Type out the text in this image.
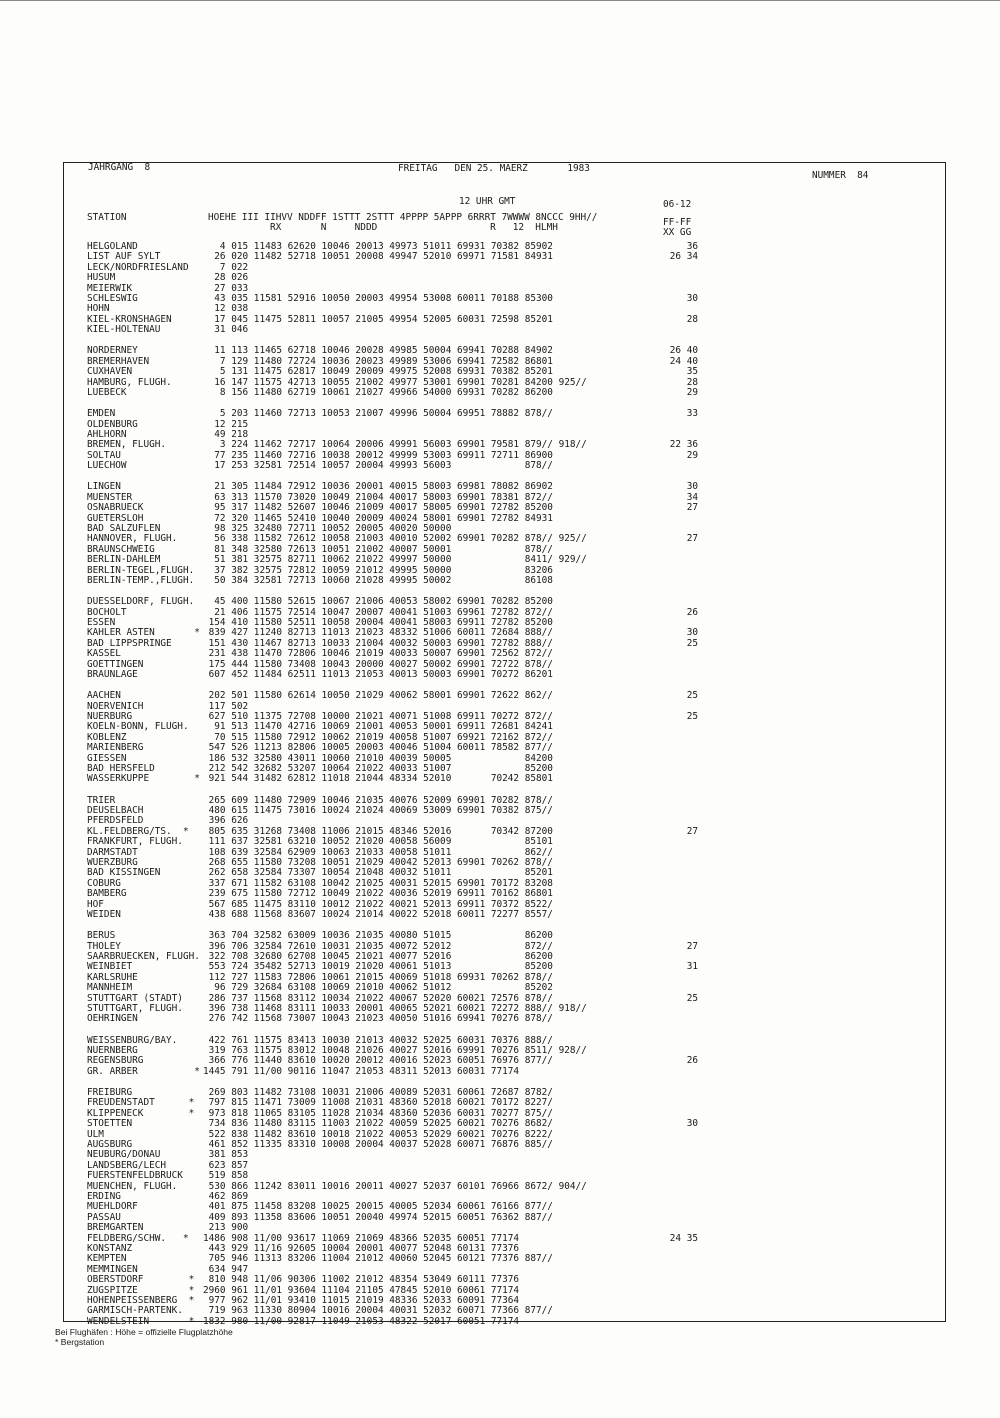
JAHRGANG  8	FREITAG   DEN 25. MAERZ       1983
NUMMER  84
12 UHR GMT	06-12
STATION	HOEHE III IIHVV NDDFF 1STTT 2STTT 4PPPP 5APPP 6RRRT 7WWWW 8NCCC 9HH//
RX       N     NDDD                    R   12  HLMH	FF-FF
XX GG
HELGOLAND	4 015 11483 62620 10046 20013 49973 51011 69931 70382 85902	36
LIST AUF SYLT	26 020 11482 52718 10051 20008 49947 52010 69971 71581 84931	26 34
LECK/NORDFRIESLAND 7 022
HUSUM	28 026
MEIERWIK	27 033
SCHLESWIG	43 035 11581 52916 10050 20003 49954 53008 60011 70188 85300	30
HOHN	12 038
KIEL-KRONSHAGEN	17 045 11475 52811 10057 21005 49954 52005 60031 72598 85201	28
KIEL-HOLTENAU	31 046
NORDERNEY	11 113 11465 62718 10046 20028 49985 50004 69941 70288 84902	26 40
BREMERHAVEN	7 129 11480 72724 10036 20023 49989 53006 69941 72582 86801	24 40
CUXHAVEN	5 131 11475 62817 10049 20009 49975 52008 69931 70382 85201	35
HAMBURG, FLUGH.	16 147 11575 42713 10055 21002 49977 53001 69901 70281 84200 925//	28
LUEBECK	8 156 11480 62719 10061 21027 49966 54000 69931 70282 86200	29
EMDEN	5 203 11460 72713 10053 21007 49996 50004 69951 78882 878//	33
OLDENBURG	12 215
AHLHORN	49 218
BREMEN, FLUGH.	3 224 11462 72717 10064 20006 49991 56003 69901 79581 879// 918//	22 36
SOLTAU	77 235 11460 72716 10038 20012 49999 53003 69911 72711 86900	29
LUECHOW	17 253 32581 72514 10057 20004 49993 56003             878//
LINGEN	21 305 11484 72912 10036 20001 40015 58003 69981 78082 86902	30
MUENSTER	63 313 11570 73020 10049 21004 40017 58003 69901 78381 872//	34
OSNABRUECK	95 317 11482 52607 10046 21009 40017 58005 69901 72782 85200	27
GUETERSLOH	72 320 11465 52410 10040 20009 40024 58001 69901 72782 84931
BAD SALZUFLEN	98 325 32480 72711 10052 20005 40020 50000
HANNOVER, FLUGH.	56 338 11582 72612 10058 21003 40010 52002 69901 70282 878// 925//	27
BRAUNSCHWEIG	81 348 32580 72613 10051 21002 40007 50001             878//
BERLIN-DAHLEM	51 381 32575 82711 10062 21022 49997 50000             8411/ 929//
BERLIN-TEGEL,FLUGH. 37 382 32575 72812 10059 21012 49995 50000             83206
BERLIN-TEMP.,FLUGH. 50 384 32581 72713 10060 21028 49995 50002             86108
DUESSELDORF, FLUGH. 45 400 11580 52615 10067 21006 40053 58002 69901 70282 85200
BOCHOLT	21 406 11575 72514 10047 20007 40041 51003 69961 72782 872//	26
ESSEN	154 410 11580 52511 10058 20004 40041 58003 69911 72782 85200
KAHLER ASTEN       * 839 427 11240 82713 11013 21023 48332 51006 60011 72684 888//	30
BAD LIPPSPRINGE	151 430 11467 82713 10033 21004 40032 50003 69901 72782 888//	25
KASSEL	231 438 11470 72806 10046 21019 40033 50007 69901 72562 872//
GOETTINGEN	175 444 11580 73408 10043 20000 40027 50002 69901 72722 878//
BRAUNLAGE	607 452 11484 62511 11013 21053 40013 50003 69901 70272 86201
AACHEN	202 501 11580 62614 10050 21029 40062 58001 69901 72622 862//	25
NOERVENICH	117 502
NUERBURG	627 510 11375 72708 10000 21021 40071 51008 69911 70272 872//	25
KOELN-BONN, FLUGH. 91 513 11470 42716 10069 21001 40053 50001 69911 72681 84241
KOBLENZ	70 515 11580 72912 10062 21019 40058 51007 69921 72162 872//
MARIENBERG	547 526 11213 82806 10005 20003 40046 51004 60011 78582 877//
GIESSEN	186 532 32580 43011 10060 21010 40039 50005             84200
BAD HERSFELD	212 542 32682 53207 10064 21022 40033 51007             85200
WASSERKUPPE        * 921 544 31482 62812 11018 21044 48334 52010       70242 85801
TRIER	265 609 11480 72909 10046 21035 40076 52009 69901 70282 878//
DEUSELBACH	480 615 11475 73016 10024 21024 40069 53009 69901 70382 875//
PFERDSFELD	396 626
KL.FELDBERG/TS.  * 805 635 31268 73408 11006 21015 48346 52016       70342 87200	27
FRANKFURT, FLUGH. 111 637 32581 63210 10052 21020 40058 56009             85101
DARMSTADT	108 639 32584 62909 10063 21033 40058 51011             862//
WUERZBURG	268 655 11580 73208 10051 21029 40042 52013 69901 70262 878//
BAD KISSINGEN	262 658 32584 73307 10054 21048 40032 51011             85201
COBURG	337 671 11582 63108 10042 21025 40031 52015 69901 70172 83208
BAMBERG	239 675 11580 72712 10049 21022 40036 52019 69911 70162 86801
HOF	567 685 11475 83110 10012 21022 40021 52013 69911 70372 8522/
WEIDEN	438 688 11568 83607 10024 21014 40022 52018 60011 72277 8557/
BERUS	363 704 32582 63009 10036 21035 40080 51015             86200
THOLEY	396 706 32584 72610 10031 21035 40072 52012             872//	27
SAARBRUECKEN, FLUGH. 322 708 32680 62708 10045 21021 40077 52016             86200
WEINBIET	553 724 35482 52713 10019 21020 40061 51013             85200	31
KARLSRUHE	112 727 11583 72806 10061 21015 40069 51018 69931 70262 878//
MANNHEIM	96 729 32684 63108 10069 21010 40062 51012             85202
STUTTGART (STADT) 286 737 11568 83112 10034 21022 40067 52020 60021 72576 878//	25
STUTTGART, FLUGH. 396 738 11468 83111 10033 20001 40065 52021 60021 72272 888// 918//
OEHRINGEN	276 742 11568 73007 10043 21023 40050 51016 69941 70276 878//
WEISSENBURG/BAY.	422 761 11575 83413 10030 21013 40032 52025 60031 70376 888//
NUERNBERG	319 763 11575 83012 10048 21026 40027 52016 69991 70276 8511/ 928//
REGENSBURG	366 776 11440 83610 10020 20012 40016 52023 60051 76976 877//	26
GR. ARBER          * 1445 791 11/00 90116 11047 21053 48311 52013 60031 77174
FREIBURG	269 803 11482 73108 10031 21006 40089 52031 60061 72687 8782/
FREUDENSTADT      * 797 815 11471 73009 11008 21031 48360 52018 60021 70172 8227/
KLIPPENECK        * 973 818 11065 83105 11028 21034 48360 52036 60031 70277 875//
STOETTEN	734 836 11480 83115 11003 21022 40059 52025 60021 70276 8682/	30
ULM	522 838 11482 83610 10018 21022 40053 52029 60021 70276 8222/
AUGSBURG	461 852 11335 83310 10008 20004 40037 52028 60071 76876 885//
NEUBURG/DONAU	381 853
LANDSBERG/LECH	623 857
FUERSTENFELDBRUCK 519 858
MUENCHEN, FLUGH.	530 866 11242 83011 10016 20011 40027 52037 60101 76966 8672/ 904//
ERDING	462 869
MUEHLDORF	401 875 11458 83208 10025 20015 40005 52034 60061 76166 877//
PASSAU	409 893 11358 83606 10051 20040 49974 52015 60051 76362 887//
BREMGARTEN	213 900
FELDBERG/SCHW.   * 1486 908 11/00 93617 11069 21069 48366 52035 60051 77174	24 35
KONSTANZ	443 929 11/16 92605 10004 20001 40077 52048 60131 77376
KEMPTEN	705 946 11313 83206 11004 21012 40060 52045 60121 77376 887//
MEMMINGEN	634 947
OBERSTDORF        * 810 948 11/06 90306 11002 21012 48354 53049 60111 77376
ZUGSPITZE         * 2960 961 11/01 93604 11104 21105 47845 52010 60061 77174
HOHENPEISSENBERG  * 977 962 11/01 93410 11015 21019 48336 52033 60091 77364
GARMISCH-PARTENK. 719 963 11330 80904 10016 20004 40031 52032 60071 77366 877//
WENDELSTEIN       * 1832 980 11/00 92817 11049 21053 48322 52017 60051 77174
Bei Flughäfen : Höhe = offizielle Flugplatzhöhe
* Bergstation
